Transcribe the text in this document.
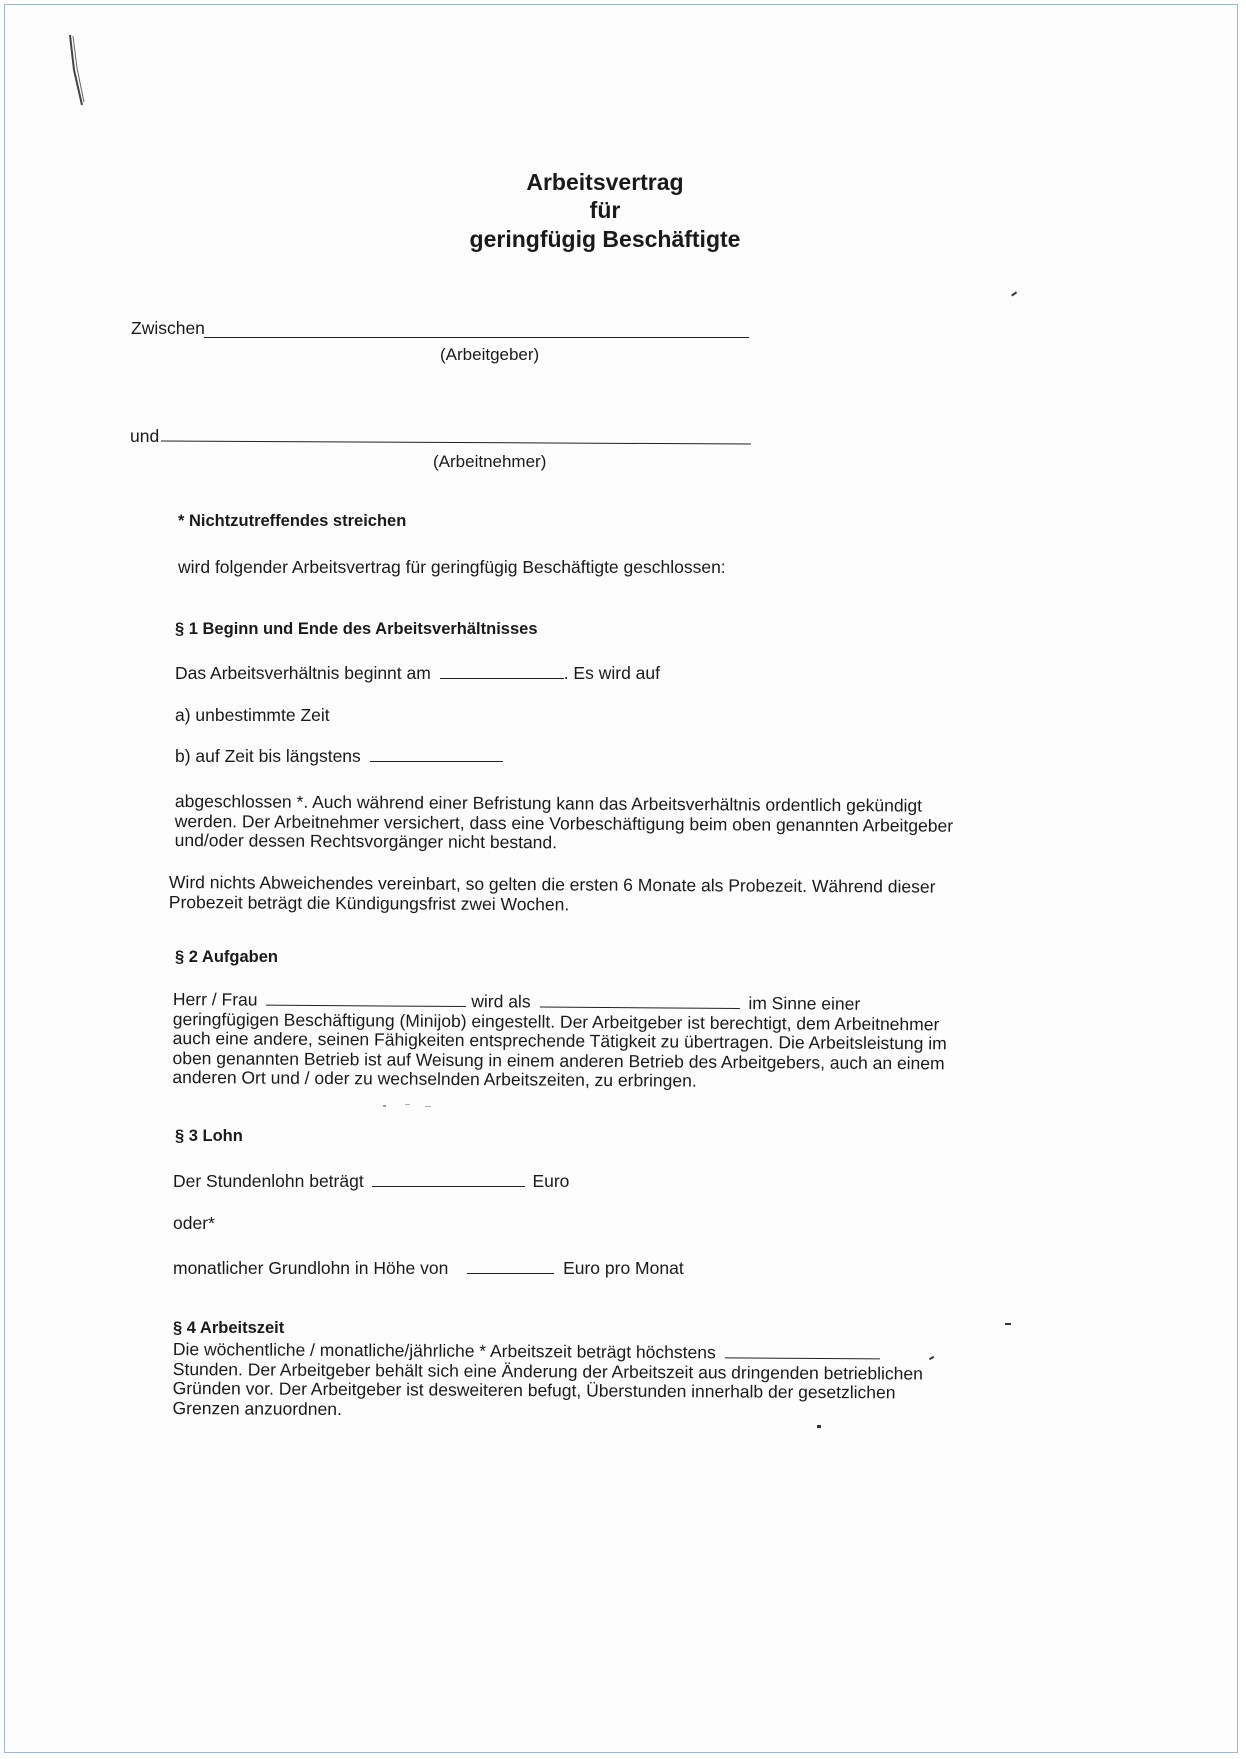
Arbeitsvertrag
für
geringfügig Beschäftigte
Zwischen
(Arbeitgeber)
und
(Arbeitnehmer)
* Nichtzutreffendes streichen
wird folgender Arbeitsvertrag für geringfügig Beschäftigte geschlossen:
§ 1 Beginn und Ende des Arbeitsverhältnisses
Das Arbeitsverhältnis beginnt am	. Es wird auf
a) unbestimmte Zeit
b) auf Zeit bis längstens
abgeschlossen *. Auch während einer Befristung kann das Arbeitsverhältnis ordentlich gekündigt
werden. Der Arbeitnehmer versichert, dass eine Vorbeschäftigung beim oben genannten Arbeitgeber
und/oder dessen Rechtsvorgänger nicht bestand.
Wird nichts Abweichendes vereinbart, so gelten die ersten 6 Monate als Probezeit. Während dieser
Probezeit beträgt die Kündigungsfrist zwei Wochen.
§ 2 Aufgaben
Herr / Frau	wird als	im Sinne einer
geringfügigen Beschäftigung (Minijob) eingestellt. Der Arbeitgeber ist berechtigt, dem Arbeitnehmer
auch eine andere, seinen Fähigkeiten entsprechende Tätigkeit zu übertragen. Die Arbeitsleistung im
oben genannten Betrieb ist auf Weisung in einem anderen Betrieb des Arbeitgebers, auch an einem
anderen Ort und / oder zu wechselnden Arbeitszeiten, zu erbringen.
§ 3 Lohn
Der Stundenlohn beträgt	Euro
oder*
monatlicher Grundlohn in Höhe von	Euro pro Monat
§ 4 Arbeitszeit
Die wöchentliche / monatliche/jährliche * Arbeitszeit beträgt höchstens
Stunden. Der Arbeitgeber behält sich eine Änderung der Arbeitszeit aus dringenden betrieblichen
Gründen vor. Der Arbeitgeber ist desweiteren befugt, Überstunden innerhalb der gesetzlichen
Grenzen anzuordnen.
